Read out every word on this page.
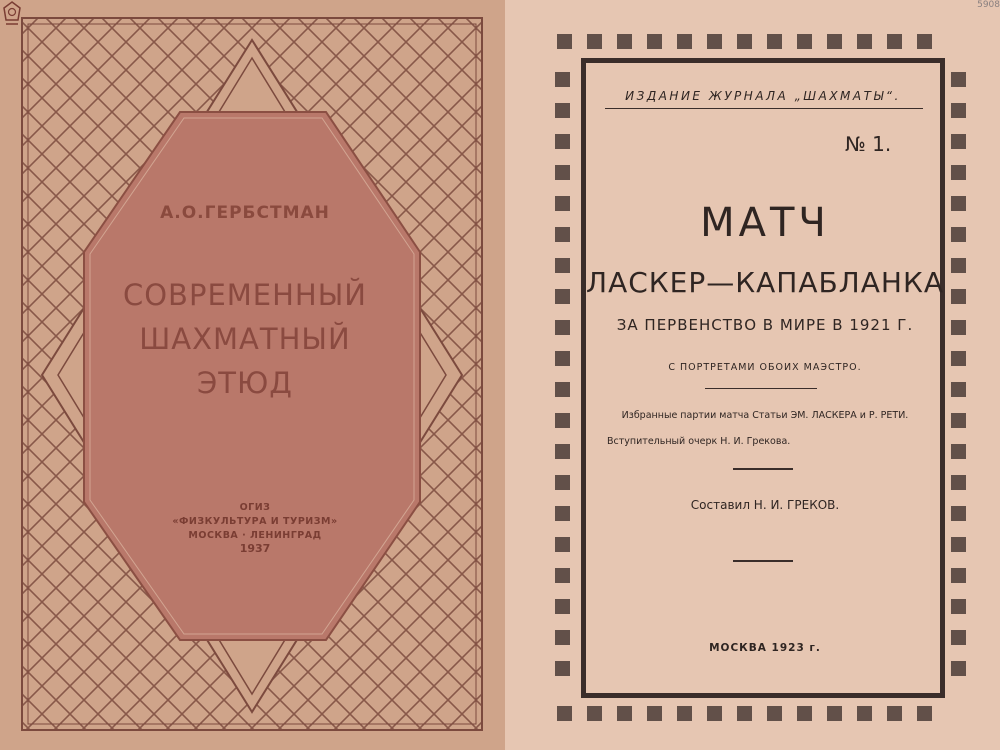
А.О.ГЕРБСТМАН
СОВРЕМЕННЫЙ
ШАХМАТНЫЙ
ЭТЮД
ОГИЗ
«ФИЗКУЛЬТУРА И ТУРИЗМ»
МОСКВА · ЛЕНИНГРАД
1937
5908
ИЗДАНИЕ ЖУРНАЛА „ШАХМАТЫ“.
№ 1.
МАТЧ
ЛАСКЕР—КАПАБЛАНКА
ЗА ПЕРВЕНСТВО В МИРЕ В 1921 Г.
С ПОРТРЕТАМИ ОБОИХ МАЭСТРО.
Избранные партии матча Статьи ЭМ. ЛАСКЕРА и Р. РЕТИ.
Вступительный очерк Н. И. Грекова.
Составил Н. И. ГРЕКОВ.
МОСКВА 1923 г.
